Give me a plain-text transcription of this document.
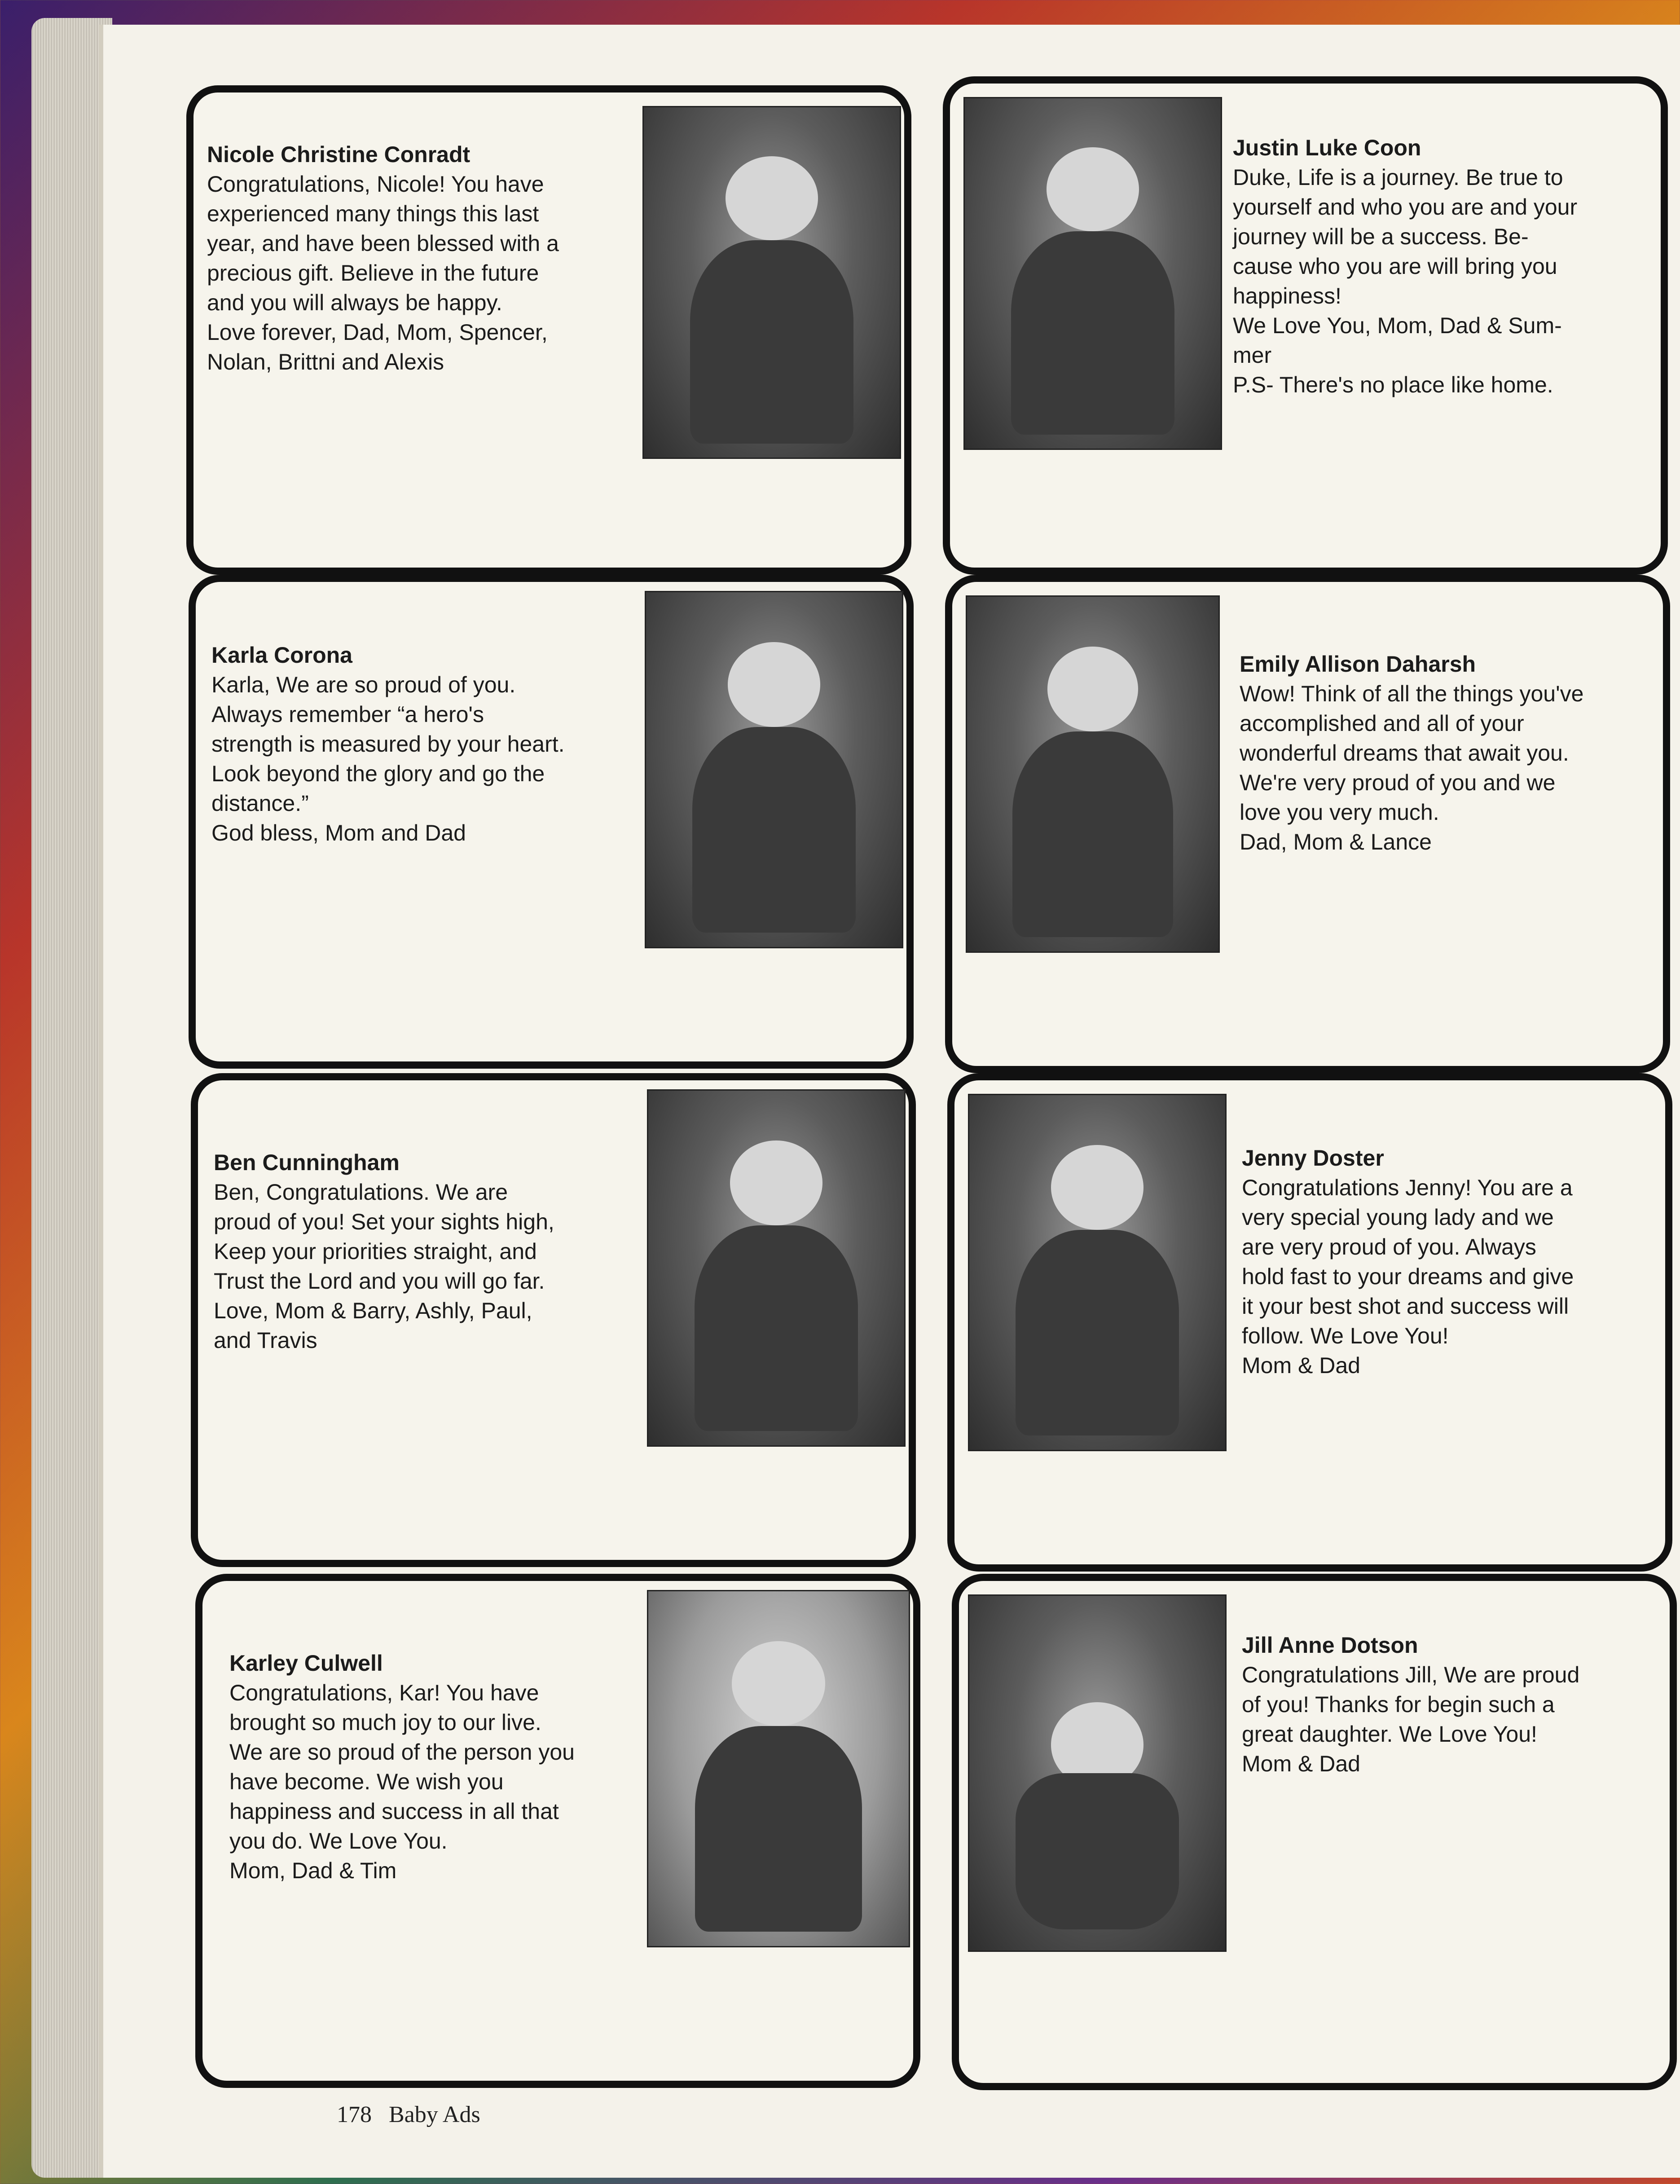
Nicole Christine Conradt
Congratulations, Nicole! You have
experienced many things this last
year, and have been blessed with a
precious gift. Believe in the future
and you will always be happy.
Love forever, Dad, Mom, Spencer,
Nolan, Brittni and Alexis
Justin Luke Coon
Duke, Life is a journey. Be true to
yourself and who you are and your
journey will be a success. Be-
cause who you are will bring you
happiness!
We Love You, Mom, Dad & Sum-
mer
P.S- There's no place like home.
Karla Corona
Karla, We are so proud of you.
Always remember “a hero's
strength is measured by your heart.
Look beyond the glory and go the
distance.”
God bless, Mom and Dad
Emily Allison Daharsh
Wow! Think of all the things you've
accomplished and all of your
wonderful dreams that await you.
We're very proud of you and we
love you very much.
Dad, Mom & Lance
Ben Cunningham
Ben, Congratulations. We are
proud of you! Set your sights high,
Keep your priorities straight, and
Trust the Lord and you will go far.
Love, Mom & Barry, Ashly, Paul,
and Travis
Jenny Doster
Congratulations Jenny! You are a
very special young lady and we
are very proud of you. Always
hold fast to your dreams and give
it your best shot and success will
follow. We Love You!
Mom & Dad
Karley Culwell
Congratulations, Kar! You have
brought so much joy to our live.
We are so proud of the person you
have become. We wish you
happiness and success in all that
you do. We Love You.
Mom, Dad & Tim
Jill Anne Dotson
Congratulations Jill, We are proud
of you! Thanks for begin such a
great daughter. We Love You!
Mom & Dad
178 Baby Ads
